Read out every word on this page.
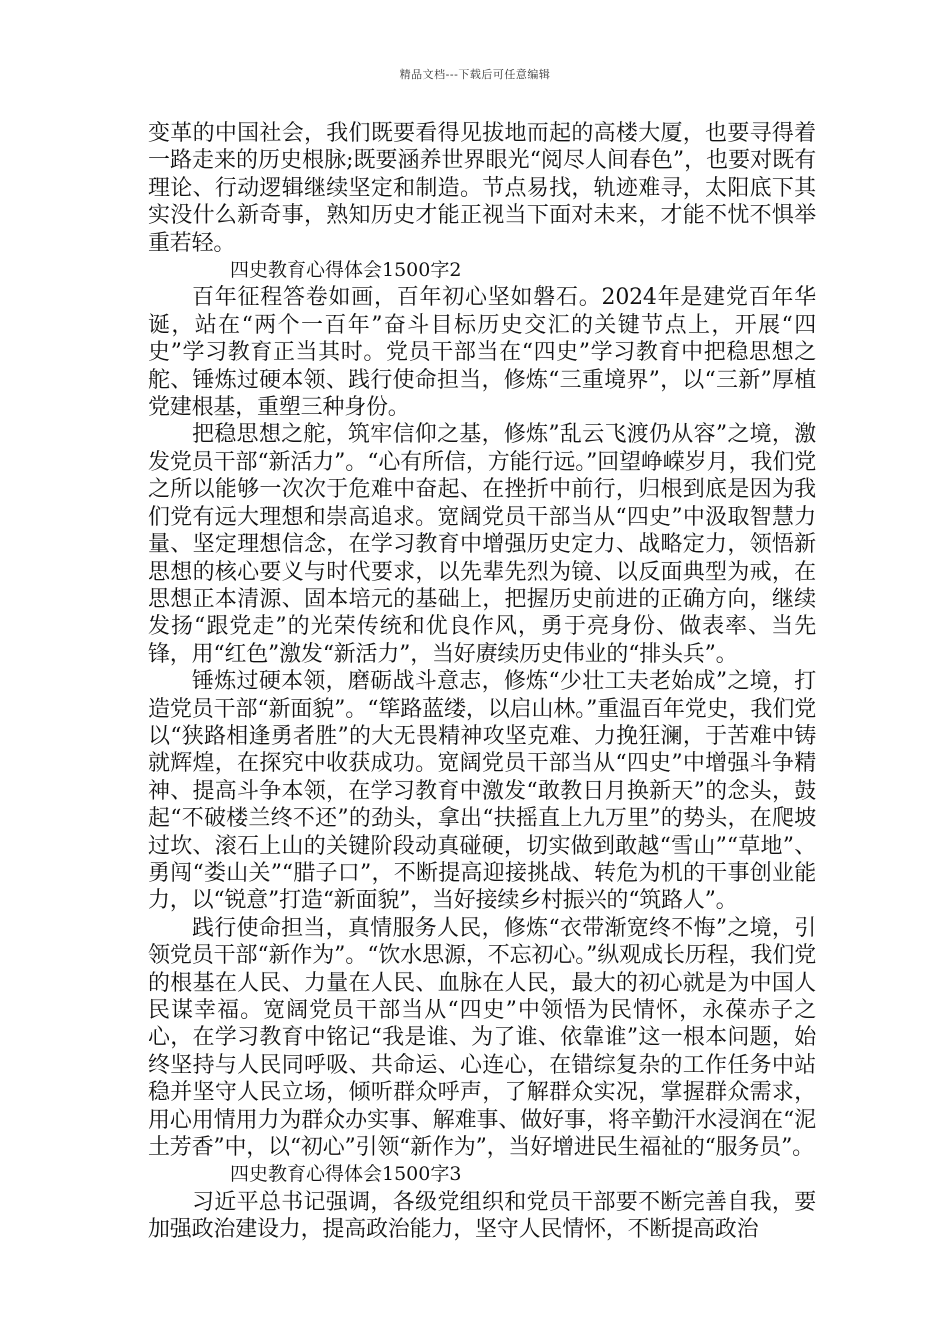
精品文档---下载后可任意编辑

变革的中国社会，我们既要看得见拔地而起的高楼大厦，也要寻得着一路走来的历史根脉;既要涵养世界眼光“阅尽人间春色”，也要对既有理论、行动逻辑继续坚定和制造。节点易找，轨迹难寻，太阳底下其实没什么新奇事，熟知历史才能正视当下面对未来，才能不忧不惧举重若轻。

四史教育心得体会1500字2

百年征程答卷如画，百年初心坚如磐石。2024年是建党百年华诞，站在“两个一百年”奋斗目标历史交汇的关键节点上，开展“四史”学习教育正当其时。党员干部当在“四史”学习教育中把稳思想之舵、锤炼过硬本领、践行使命担当，修炼“三重境界”，以“三新”厚植党建根基，重塑三种身份。

把稳思想之舵，筑牢信仰之基，修炼”乱云飞渡仍从容”之境，激发党员干部“新活力”。“心有所信，方能行远。”回望峥嵘岁月，我们党之所以能够一次次于危难中奋起、在挫折中前行，归根到底是因为我们党有远大理想和崇高追求。宽阔党员干部当从“四史”中汲取智慧力量、坚定理想信念，在学习教育中增强历史定力、战略定力，领悟新思想的核心要义与时代要求，以先辈先烈为镜、以反面典型为戒，在思想正本清源、固本培元的基础上，把握历史前进的正确方向，继续发扬“跟党走”的光荣传统和优良作风，勇于亮身份、做表率、当先锋，用“红色”激发“新活力”，当好赓续历史伟业的“排头兵”。

锤炼过硬本领，磨砺战斗意志，修炼“少壮工夫老始成”之境，打造党员干部“新面貌”。“筚路蓝缕，以启山林。”重温百年党史，我们党以“狭路相逢勇者胜”的大无畏精神攻坚克难、力挽狂澜，于苦难中铸就辉煌，在探究中收获成功。宽阔党员干部当从“四史”中增强斗争精神、提高斗争本领，在学习教育中激发“敢教日月换新天”的念头，鼓起“不破楼兰终不还”的劲头，拿出“扶摇直上九万里”的势头，在爬坡过坎、滚石上山的关键阶段动真碰硬，切实做到敢越“雪山”“草地”、勇闯“娄山关”“腊子口”，不断提高迎接挑战、转危为机的干事创业能力，以“锐意”打造“新面貌”，当好接续乡村振兴的“筑路人”。

践行使命担当，真情服务人民，修炼“衣带渐宽终不悔”之境，引领党员干部“新作为”。“饮水思源，不忘初心。”纵观成长历程，我们党的根基在人民、力量在人民、血脉在人民，最大的初心就是为中国人民谋幸福。宽阔党员干部当从“四史”中领悟为民情怀，永葆赤子之心，在学习教育中铭记“我是谁、为了谁、依靠谁”这一根本问题，始终坚持与人民同呼吸、共命运、心连心，在错综复杂的工作任务中站稳并坚守人民立场，倾听群众呼声，了解群众实况，掌握群众需求，用心用情用力为群众办实事、解难事、做好事，将辛勤汗水浸润在“泥土芳香”中，以“初心”引领“新作为”，当好增进民生福祉的“服务员”。

四史教育心得体会1500字3

习近平总书记强调，各级党组织和党员干部要不断完善自我，要加强政治建设力，提高政治能力，坚守人民情怀，不断提高政治
